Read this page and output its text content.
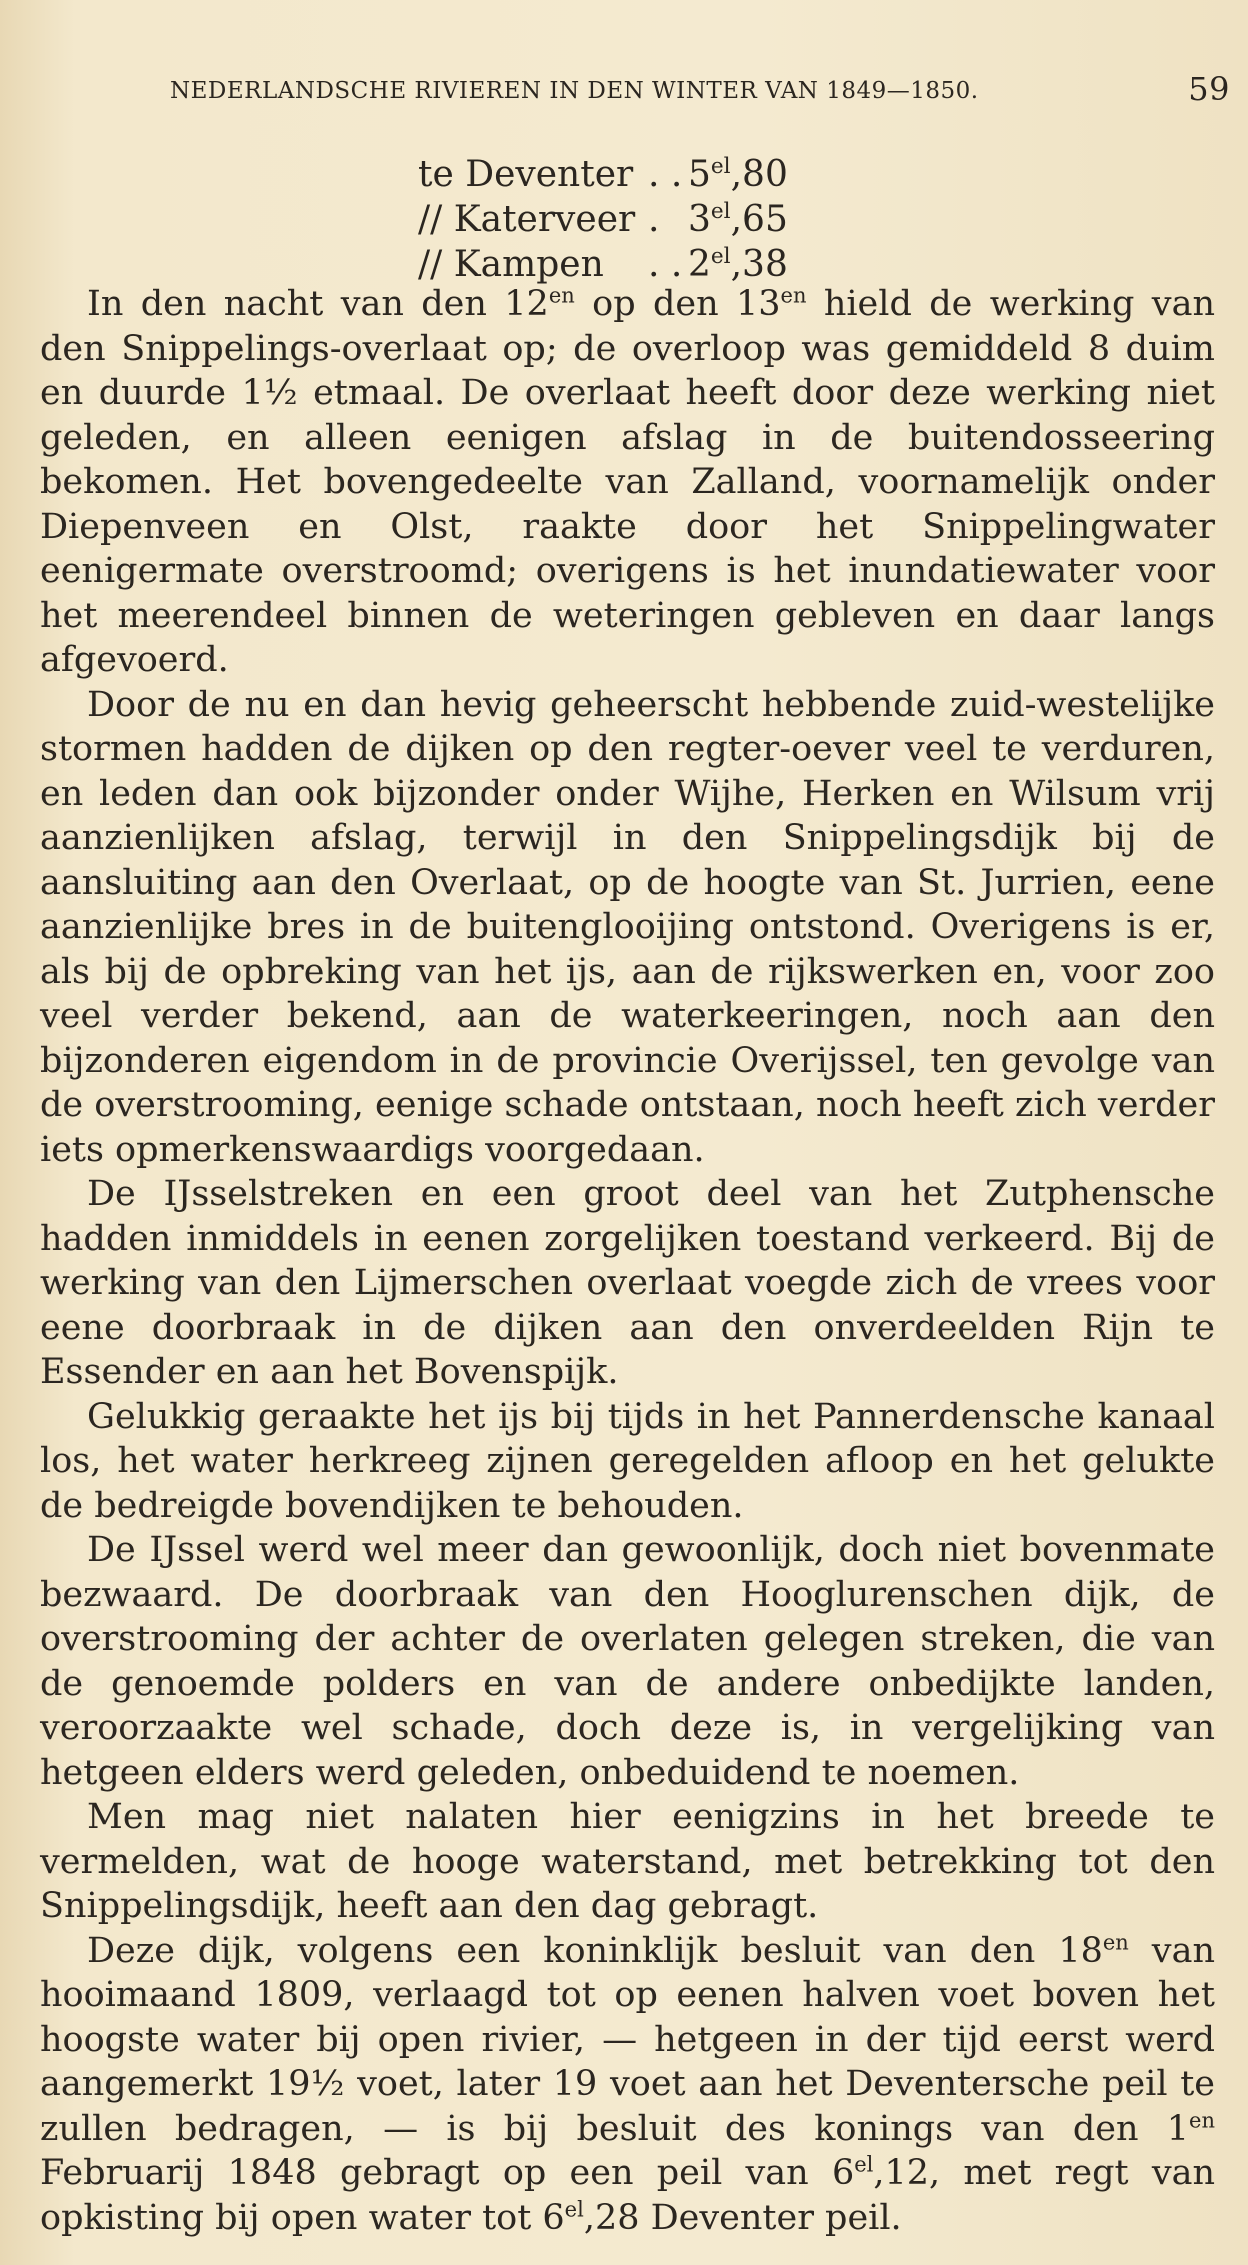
NEDERLANDSCHE RIVIEREN IN DEN WINTER VAN 1849—1850.	59
te Deventer . . $5^{el},80$
// Katerveer . $3^{el},65$
// Kampen	. . $2^{el},38$

In den nacht van den $12^{en}$ op den $13^{en}$ hield de werking van den Snippelings-overlaat op; de overloop was gemiddeld 8 duim en duurde 1½ etmaal. De overlaat heeft door deze werking niet geleden, en alleen eenigen afslag in de buitendosseering bekomen. Het bovengedeelte van Zalland, voornamelijk onder Diepenveen en Olst, raakte door het Snippelingwater eenigermate overstroomd; overigens is het inundatiewater voor het meerendeel binnen de weteringen gebleven en daar langs afgevoerd.

Door de nu en dan hevig geheerscht hebbende zuid-westelijke stormen hadden de dijken op den regter-oever veel te verduren, en leden dan ook bijzonder onder Wijhe, Herken en Wilsum vrij aanzienlijken afslag, terwijl in den Snippelingsdijk bij de aansluiting aan den Overlaat, op de hoogte van St. Jurrien, eene aanzienlijke bres in de buitenglooijing ontstond. Overigens is er, als bij de opbreking van het ijs, aan de rijkswerken en, voor zoo veel verder bekend, aan de waterkeeringen, noch aan den bijzonderen eigendom in de provincie Overijssel, ten gevolge van de overstrooming, eenige schade ontstaan, noch heeft zich verder iets opmerkenswaardigs voorgedaan.

De IJsselstreken en een groot deel van het Zutphensche hadden inmiddels in eenen zorgelijken toestand verkeerd. Bij de werking van den Lijmerschen overlaat voegde zich de vrees voor eene doorbraak in de dijken aan den onverdeelden Rijn te Essender en aan het Bovenspijk.

Gelukkig geraakte het ijs bij tijds in het Pannerdensche kanaal los, het water herkreeg zijnen geregelden afloop en het gelukte de bedreigde bovendijken te behouden.

De IJssel werd wel meer dan gewoonlijk, doch niet bovenmate bezwaard. De doorbraak van den Hooglurenschen dijk, de overstrooming der achter de overlaten gelegen streken, die van de genoemde polders en van de andere onbedijkte landen, veroorzaakte wel schade, doch deze is, in vergelijking van hetgeen elders werd geleden, onbeduidend te noemen.

Men mag niet nalaten hier eenigzins in het breede te vermelden, wat de hooge waterstand, met betrekking tot den Snippelingsdijk, heeft aan den dag gebragt.

Deze dijk, volgens een koninklijk besluit van den $18^{en}$ van hooimaand 1809, verlaagd tot op eenen halven voet boven het hoogste water bij open rivier, — hetgeen in der tijd eerst werd aangemerkt 19½ voet, later 19 voet aan het Deventersche peil te zullen bedragen, — is bij besluit des konings van den $1^{en}$ Februarij 1848 gebragt op een peil van $6^{el},12$, met regt van opkisting bij open water tot $6^{el},28$ Deventer peil.
